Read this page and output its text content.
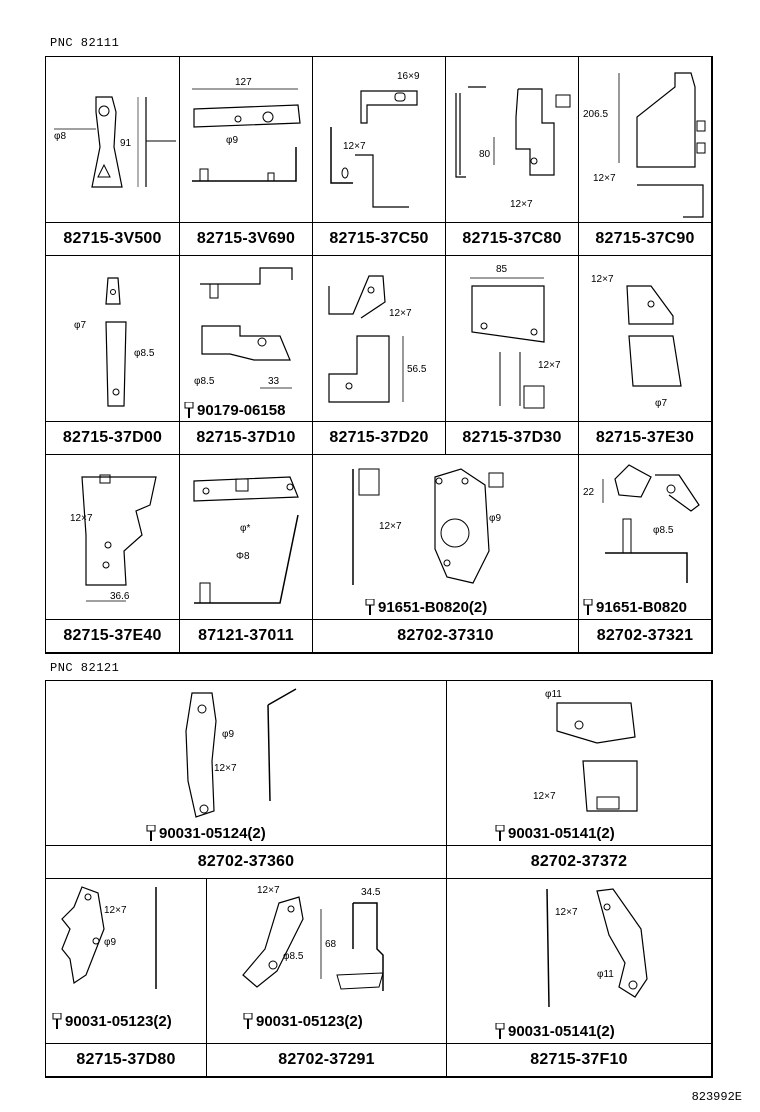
PNC 82111
φ8
91
82715-3V500
127
φ9
82715-3V690
16×9
12×7
82715-37C50
80
12×7
82715-37C80
206.5
12×7
82715-37C90
φ7
φ8.5
82715-37D00
φ8.5	33
90179-06158
82715-37D10
12×7
56.5
82715-37D20
85
12×7
82715-37D30
12×7
φ7
82715-37E30
12×7
36.6
82715-37E40
φ*
Φ8
87121-37011
12×7
φ9
91651-B0820(2)
82702-37310
22
φ8.5
91651-B0820
82702-37321
PNC 82121
φ9
12×7
90031-05124(2)
82702-37360
φ11
12×7
90031-05141(2)
82702-37372
12×7
φ9
90031-05123(2)
82715-37D80
12×7
φ8.5
68
34.5
90031-05123(2)
82702-37291
12×7
φ11
90031-05141(2)
82715-37F10
823992E
